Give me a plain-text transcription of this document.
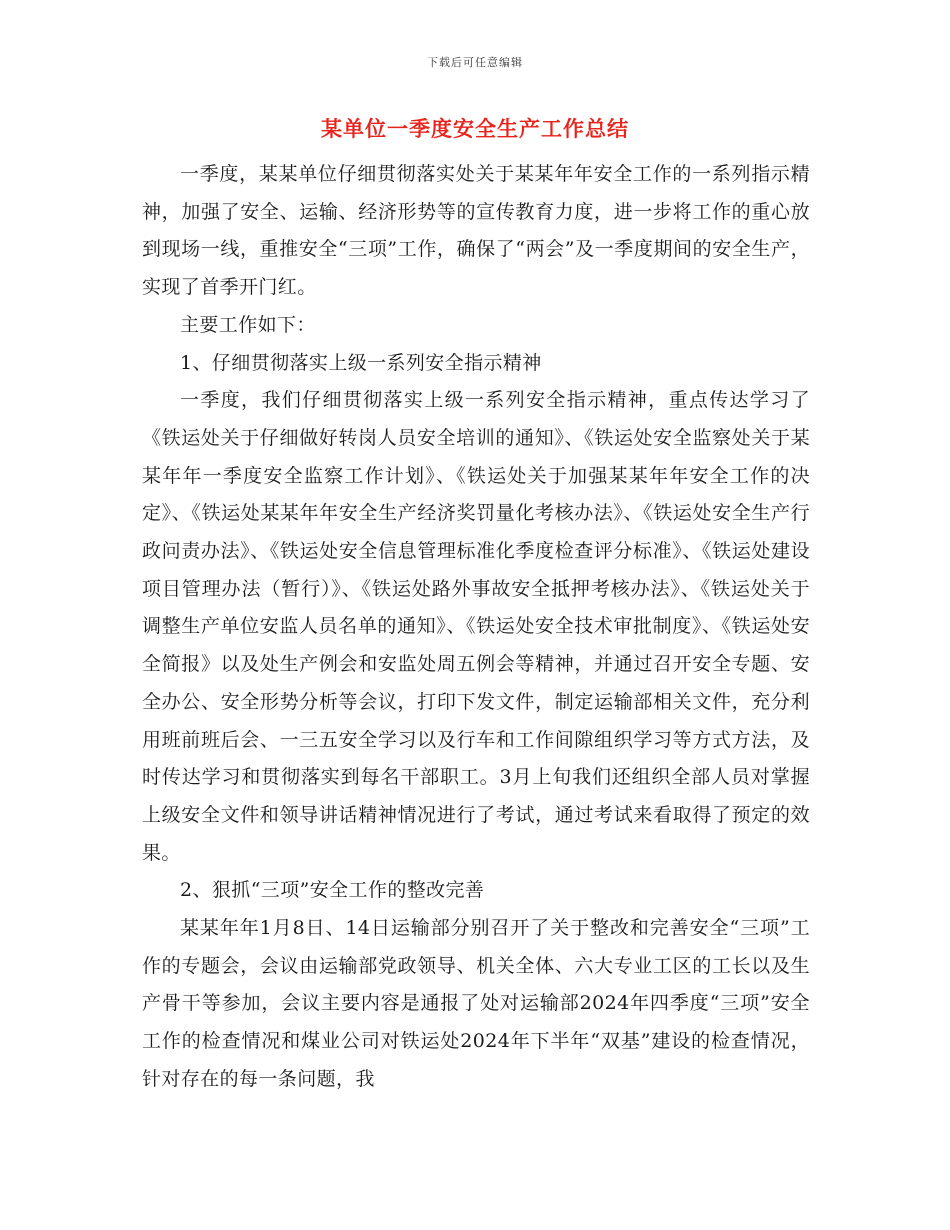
下载后可任意编辑
某单位一季度安全生产工作总结

一季度，某某单位仔细贯彻落实处关于某某年年安全工作的一系列指示精神，加强了安全、运输、经济形势等的宣传教育力度，进一步将工作的重心放到现场一线，重推安全“三项”工作，确保了“两会”及一季度期间的安全生产，实现了首季开门红。

主要工作如下：

1、仔细贯彻落实上级一系列安全指示精神

一季度，我们仔细贯彻落实上级一系列安全指示精神，重点传达学习了《铁运处关于仔细做好转岗人员安全培训的通知》、《铁运处安全监察处关于某某年年一季度安全监察工作计划》、《铁运处关于加强某某年年安全工作的决定》、《铁运处某某年年安全生产经济奖罚量化考核办法》、《铁运处安全生产行政问责办法》、《铁运处安全信息管理标准化季度检查评分标准》、《铁运处建设项目管理办法（暂行）》、《铁运处路外事故安全抵押考核办法》、《铁运处关于调整生产单位安监人员名单的通知》、《铁运处安全技术审批制度》、《铁运处安全简报》以及处生产例会和安监处周五例会等精神，并通过召开安全专题、安全办公、安全形势分析等会议，打印下发文件，制定运输部相关文件，充分利用班前班后会、一三五安全学习以及行车和工作间隙组织学习等方式方法，及时传达学习和贯彻落实到每名干部职工。3月上旬我们还组织全部人员对掌握上级安全文件和领导讲话精神情况进行了考试，通过考试来看取得了预定的效果。

2、狠抓“三项”安全工作的整改完善

某某年年1月8日、14日运输部分别召开了关于整改和完善安全“三项”工作的专题会，会议由运输部党政领导、机关全体、六大专业工区的工长以及生产骨干等参加，会议主要内容是通报了处对运输部2024年四季度“三项”安全工作的检查情况和煤业公司对铁运处2024年下半年“双基”建设的检查情况，针对存在的每一条问题，我
